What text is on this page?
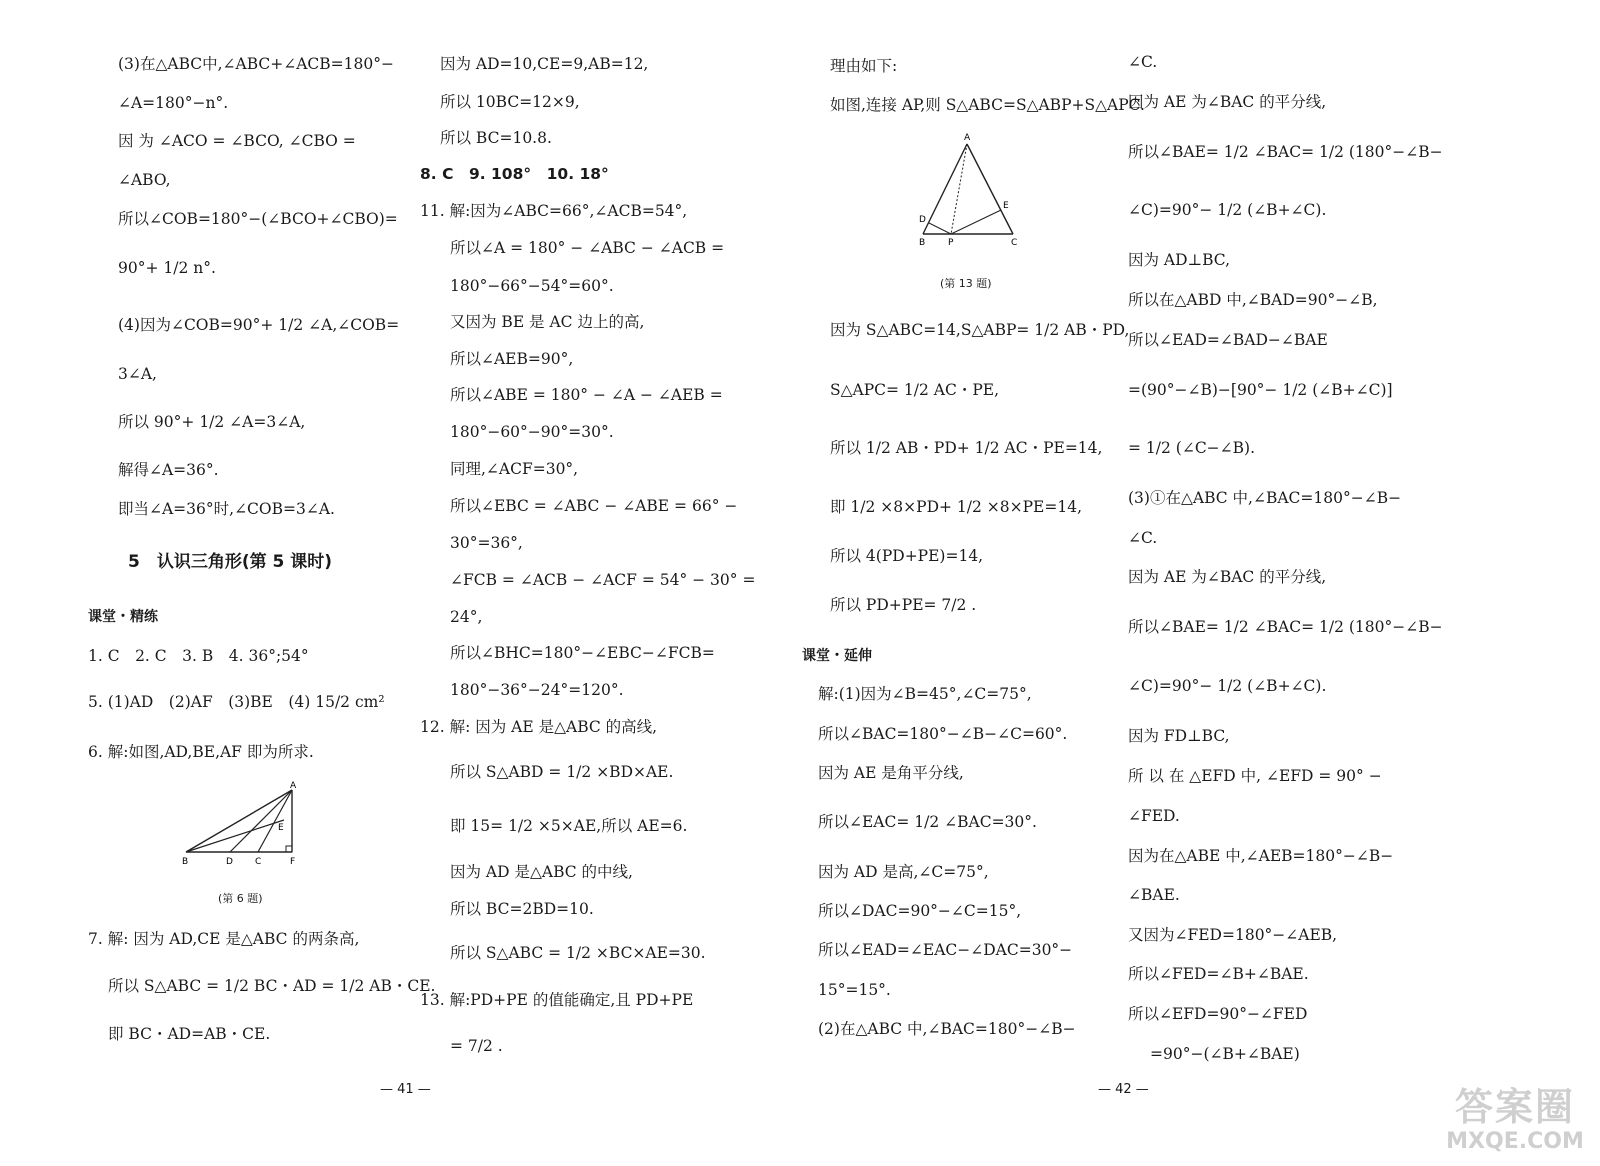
(3)在△ABC中,∠ABC+∠ACB=180°−
∠A=180°−n°.
因 为 ∠ACO = ∠BCO, ∠CBO =
∠ABO,
所以∠COB=180°−(∠BCO+∠CBO)=
90°+ 1/2 n°.
(4)因为∠COB=90°+ 1/2 ∠A,∠COB=
3∠A,
所以 90°+ 1/2 ∠A=3∠A,
解得∠A=36°.
即当∠A=36°时,∠COB=3∠A.
5　认识三角形(第 5 课时)
课堂・精练
1. C　2. C　3. B　4. 36°;54°
5. (1)AD　(2)AF　(3)BE　(4) 15/2 cm²
6. 解:如图,AD,BE,AF 即为所求.
A
E
B	D C	F
(第 6 题)
7. 解: 因为 AD,CE 是△ABC 的两条高,
所以 S△ABC = 1/2 BC・AD = 1/2 AB・CE.
即 BC・AD=AB・CE.
因为 AD=10,CE=9,AB=12,
所以 10BC=12×9,
所以 BC=10.8.
8. C　9. 108°　10. 18°
11. 解:因为∠ABC=66°,∠ACB=54°,
所以∠A = 180° − ∠ABC − ∠ACB =
180°−66°−54°=60°.
又因为 BE 是 AC 边上的高,
所以∠AEB=90°,
所以∠ABE = 180° − ∠A − ∠AEB =
180°−60°−90°=30°.
同理,∠ACF=30°,
所以∠EBC = ∠ABC − ∠ABE = 66° −
30°=36°,
∠FCB = ∠ACB − ∠ACF = 54° − 30° =
24°,
所以∠BHC=180°−∠EBC−∠FCB=
180°−36°−24°=120°.
12. 解: 因为 AE 是△ABC 的高线,
所以 S△ABD = 1/2 ×BD×AE.
即 15= 1/2 ×5×AE,所以 AE=6.
因为 AD 是△ABC 的中线,
所以 BC=2BD=10.
所以 S△ABC = 1/2 ×BC×AE=30.
13. 解:PD+PE 的值能确定,且 PD+PE
= 7/2 .
— 41 —
理由如下:
如图,连接 AP,则 S△ABC=S△ABP+S△APC.
A
E
D
B	P	C
(第 13 题)
因为 S△ABC=14,S△ABP= 1/2 AB・PD,
S△APC= 1/2 AC・PE,
所以 1/2 AB・PD+ 1/2 AC・PE=14,
即 1/2 ×8×PD+ 1/2 ×8×PE=14,
所以 4(PD+PE)=14,
所以 PD+PE= 7/2 .
课堂・延伸
解:(1)因为∠B=45°,∠C=75°,
所以∠BAC=180°−∠B−∠C=60°.
因为 AE 是角平分线,
所以∠EAC= 1/2 ∠BAC=30°.
因为 AD 是高,∠C=75°,
所以∠DAC=90°−∠C=15°,
所以∠EAD=∠EAC−∠DAC=30°−
15°=15°.
(2)在△ABC 中,∠BAC=180°−∠B−
∠C.
因为 AE 为∠BAC 的平分线,
所以∠BAE= 1/2 ∠BAC= 1/2 (180°−∠B−
∠C)=90°− 1/2 (∠B+∠C).
因为 AD⊥BC,
所以在△ABD 中,∠BAD=90°−∠B,
所以∠EAD=∠BAD−∠BAE
=(90°−∠B)−[90°− 1/2 (∠B+∠C)]
= 1/2 (∠C−∠B).
(3)①在△ABC 中,∠BAC=180°−∠B−
∠C.
因为 AE 为∠BAC 的平分线,
所以∠BAE= 1/2 ∠BAC= 1/2 (180°−∠B−
∠C)=90°− 1/2 (∠B+∠C).
因为 FD⊥BC,
所 以 在 △EFD 中, ∠EFD = 90° −
∠FED.
因为在△ABE 中,∠AEB=180°−∠B−
∠BAE.
又因为∠FED=180°−∠AEB,
所以∠FED=∠B+∠BAE.
所以∠EFD=90°−∠FED
=90°−(∠B+∠BAE)
— 42 —	答案圈
MXQE.COM
